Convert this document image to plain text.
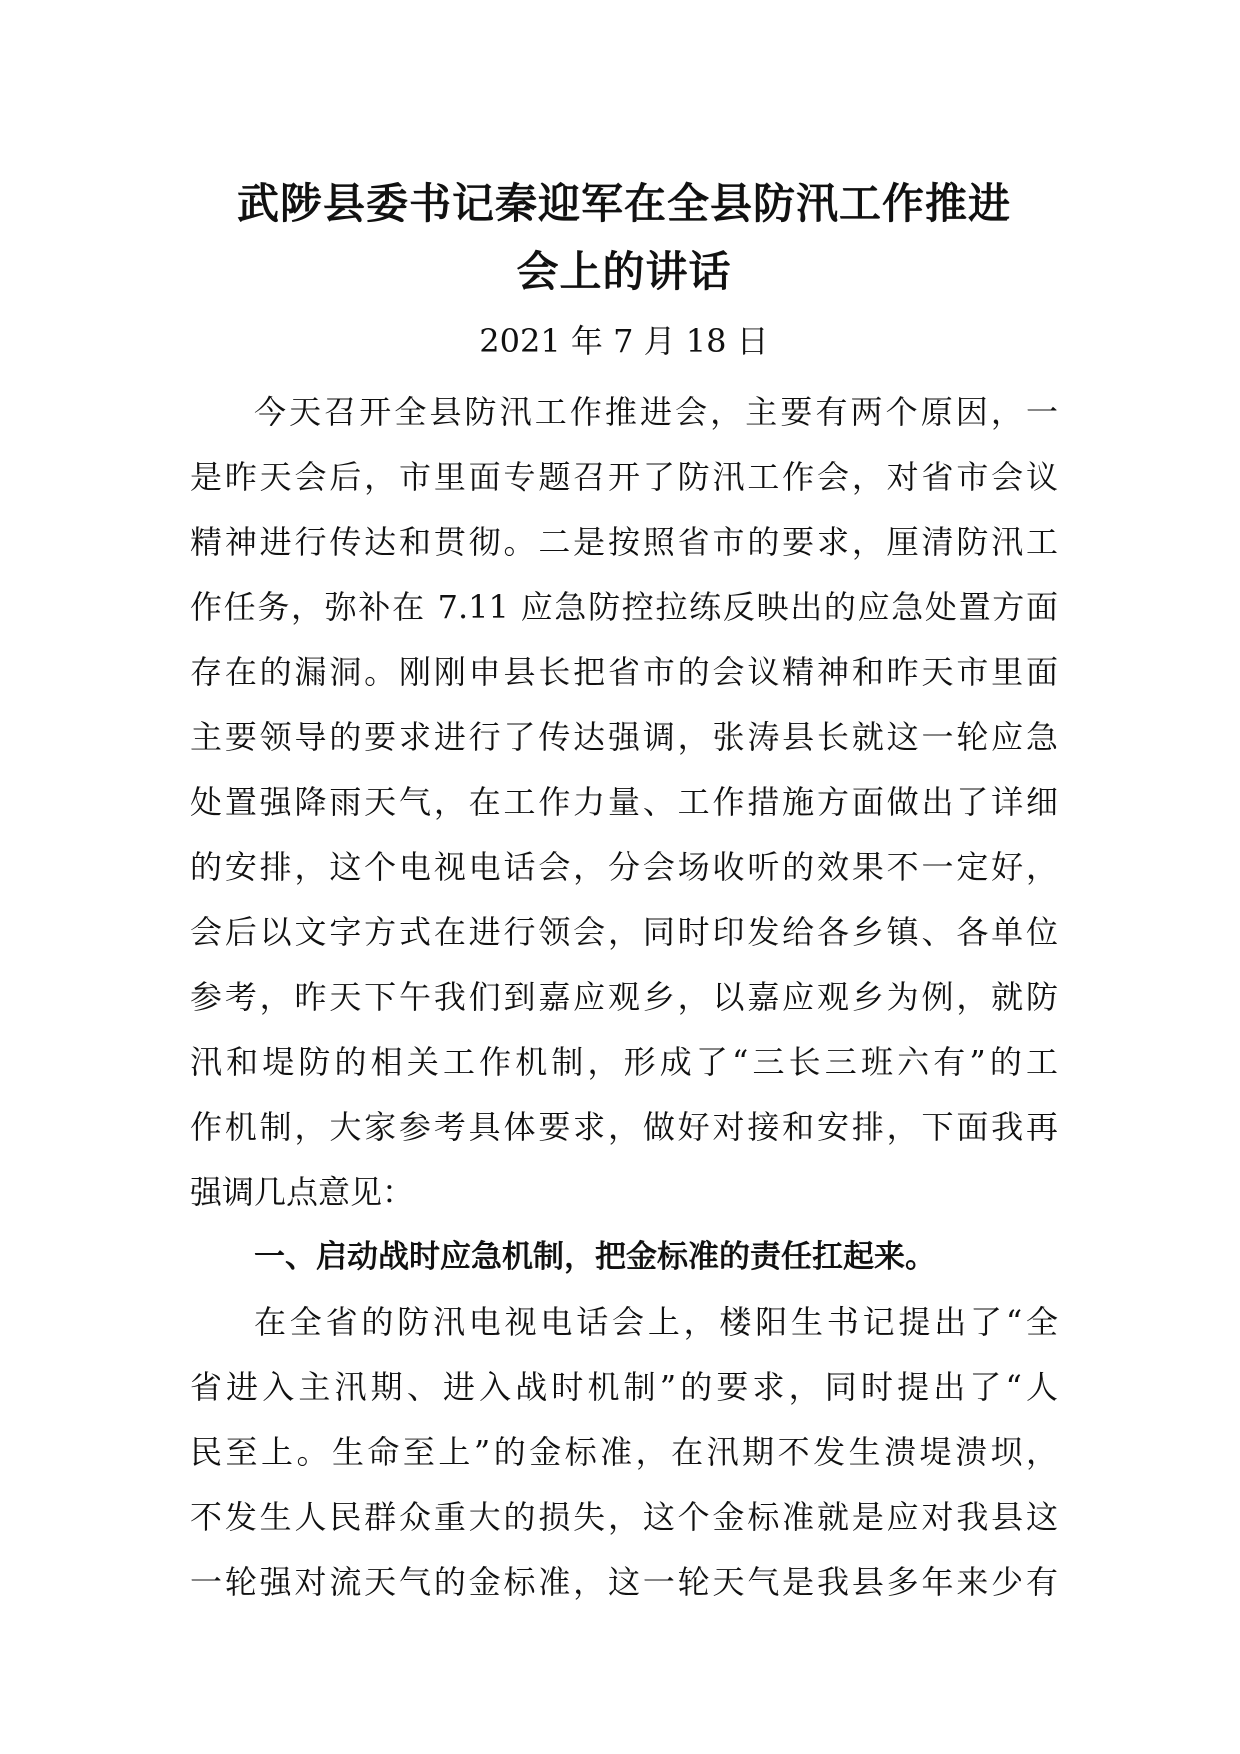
武陟县委书记秦迎军在全县防汛工作推进
会上的讲话
2021 年 7 月 18 日

今天召开全县防汛工作推进会，主要有两个原因，一
是昨天会后，市里面专题召开了防汛工作会，对省市会议
精神进行传达和贯彻。二是按照省市的要求，厘清防汛工
作任务，弥补在 7.11 应急防控拉练反映出的应急处置方面
存在的漏洞。刚刚申县长把省市的会议精神和昨天市里面
主要领导的要求进行了传达强调，张涛县长就这一轮应急
处置强降雨天气，在工作力量、工作措施方面做出了详细
的安排，这个电视电话会，分会场收听的效果不一定好，
会后以文字方式在进行领会，同时印发给各乡镇、各单位
参考，昨天下午我们到嘉应观乡，以嘉应观乡为例，就防
汛和堤防的相关工作机制，形成了“三长三班六有”的工
作机制，大家参考具体要求，做好对接和安排，下面我再
强调几点意见：

一、启动战时应急机制，把金标准的责任扛起来。

在全省的防汛电视电话会上，楼阳生书记提出了“全
省进入主汛期、进入战时机制”的要求，同时提出了“人
民至上。生命至上”的金标准，在汛期不发生溃堤溃坝，
不发生人民群众重大的损失，这个金标准就是应对我县这
一轮强对流天气的金标准，这一轮天气是我县多年来少有
